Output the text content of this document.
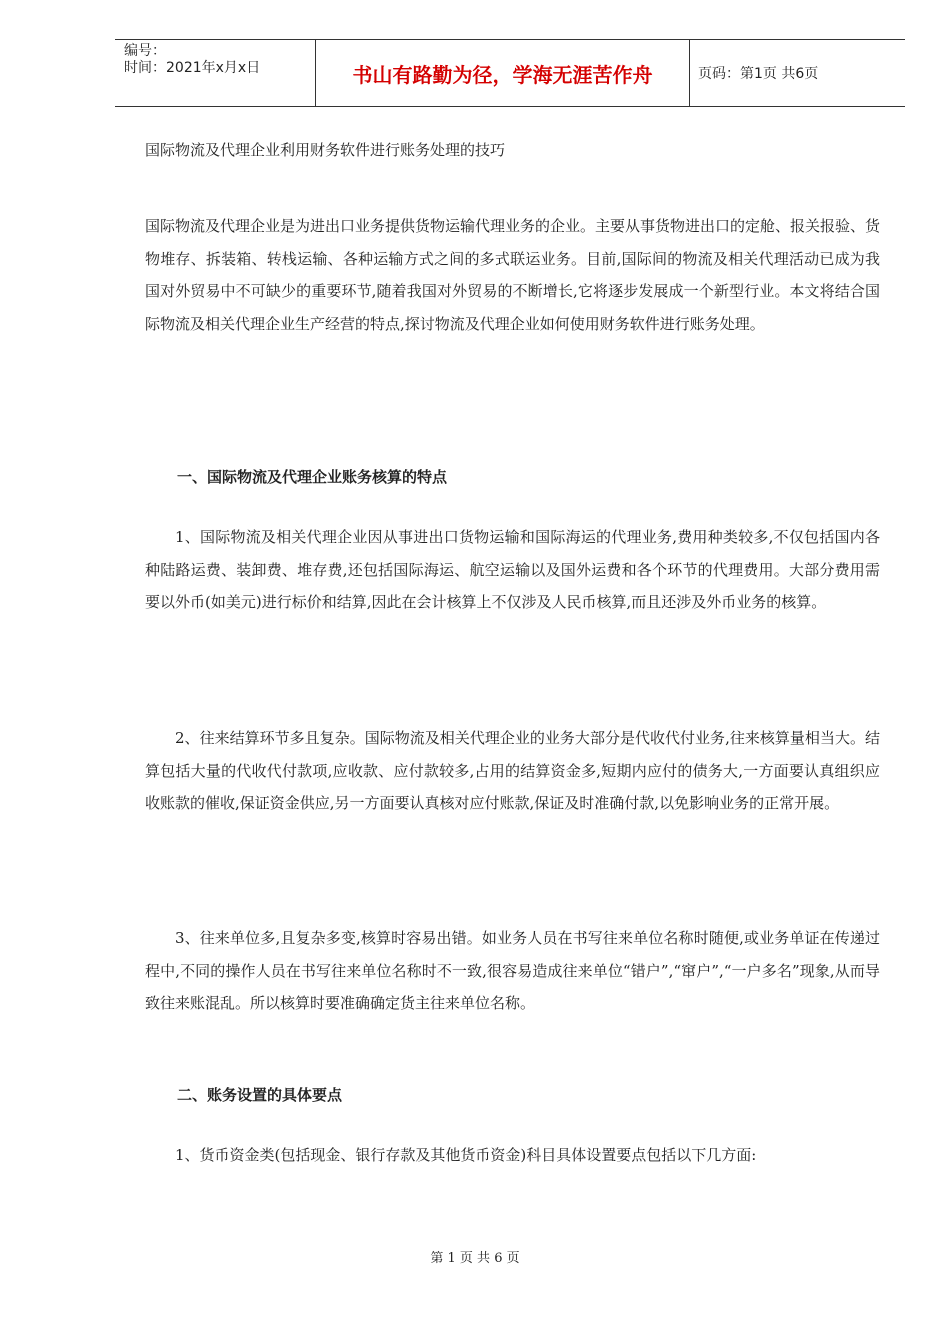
编号：
时间：2021年x月x日	书山有路勤为径，学海无涯苦作舟	页码：第1页 共6页
国际物流及代理企业利用财务软件进行账务处理的技巧

国际物流及代理企业是为进出口业务提供货物运输代理业务的企业。主要从事货物进出口的定舱、报关报验、货物堆存、拆装箱、转栈运输、各种运输方式之间的多式联运业务。目前,国际间的物流及相关代理活动已成为我国对外贸易中不可缺少的重要环节,随着我国对外贸易的不断增长,它将逐步发展成一个新型行业。本文将结合国际物流及相关代理企业生产经营的特点,探讨物流及代理企业如何使用财务软件进行账务处理。

一、国际物流及代理企业账务核算的特点

1、国际物流及相关代理企业因从事进出口货物运输和国际海运的代理业务,费用种类较多,不仅包括国内各种陆路运费、装卸费、堆存费,还包括国际海运、航空运输以及国外运费和各个环节的代理费用。大部分费用需要以外币(如美元)进行标价和结算,因此在会计核算上不仅涉及人民币核算,而且还涉及外币业务的核算。

2、往来结算环节多且复杂。国际物流及相关代理企业的业务大部分是代收代付业务,往来核算量相当大。结算包括大量的代收代付款项,应收款、应付款较多,占用的结算资金多,短期内应付的债务大,一方面要认真组织应收账款的催收,保证资金供应,另一方面要认真核对应付账款,保证及时准确付款,以免影响业务的正常开展。

3、往来单位多,且复杂多变,核算时容易出错。如业务人员在书写往来单位名称时随便,或业务单证在传递过程中,不同的操作人员在书写往来单位名称时不一致,很容易造成往来单位“错户”,“窜户”,“一户多名”现象,从而导致往来账混乱。所以核算时要准确确定货主往来单位名称。

二、账务设置的具体要点

1、货币资金类(包括现金、银行存款及其他货币资金)科目具体设置要点包括以下几方面:

第 1 页 共 6 页
